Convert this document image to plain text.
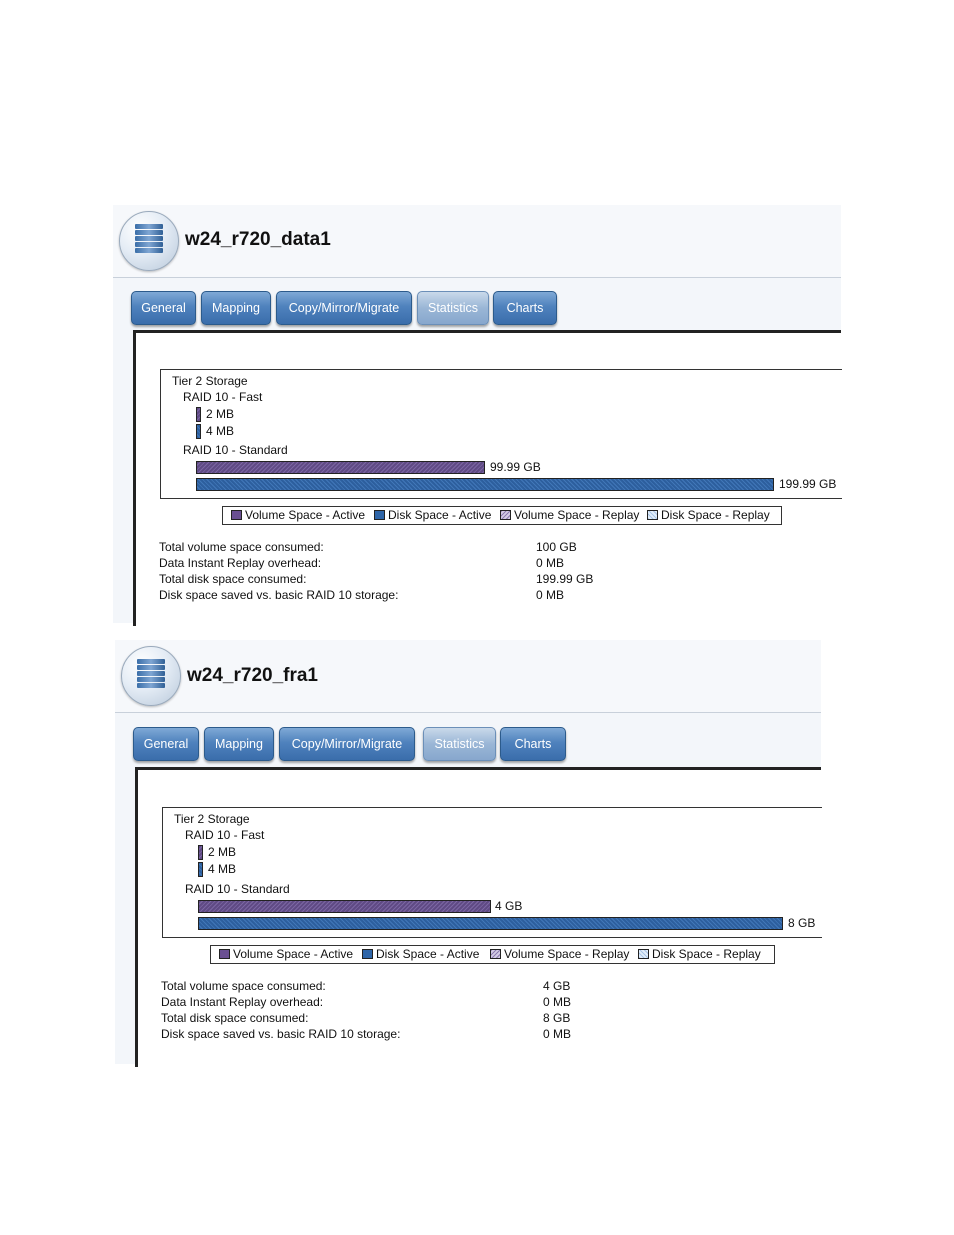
w24_r720_data1
General	Mapping	Copy/Mirror/Migrate	Statistics	Charts
Tier 2 Storage
RAID 10 - Fast
2 MB
4 MB
RAID 10 - Standard
99.99 GB
199.99 GB
Volume Space - Active Disk Space - Active Volume Space - Replay Disk Space - Replay
Total volume space consumed:	100 GB
Data Instant Replay overhead:	0 MB
Total disk space consumed:	199.99 GB
Disk space saved vs. basic RAID 10 storage:	0 MB
w24_r720_fra1
General	Mapping	Copy/Mirror/Migrate	Statistics	Charts
Tier 2 Storage
RAID 10 - Fast
2 MB
4 MB
RAID 10 - Standard
4 GB
8 GB
Volume Space - Active Disk Space - Active Volume Space - Replay Disk Space - Replay
Total volume space consumed:	4 GB
Data Instant Replay overhead:	0 MB
Total disk space consumed:	8 GB
Disk space saved vs. basic RAID 10 storage:	0 MB
